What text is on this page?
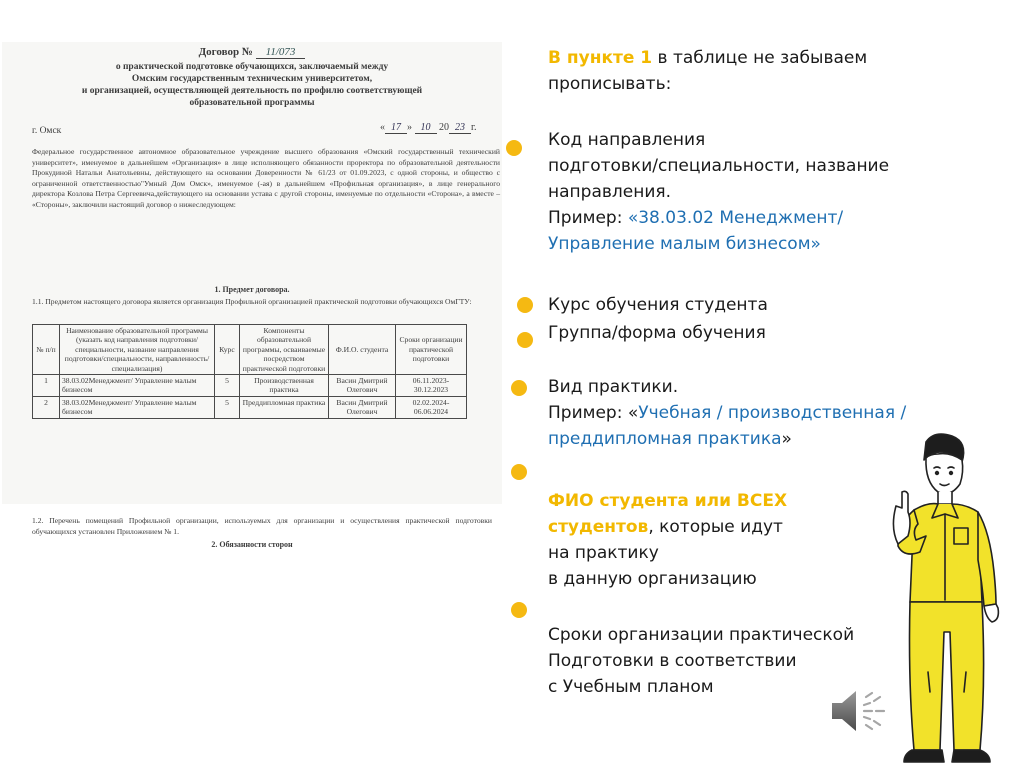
Договор № 11/073
о практической подготовке обучающихся, заключаемый между
Омским государственным техническим университетом,
и организацией, осуществляющей деятельность по профилю соответствующей
образовательной программы
г. Омск	« 17 » 10 20 23 г.
Федеральное государственное автономное образовательное учреждение высшего образования «Омский государственный технический университет», именуемое в дальнейшем «Организация» в лице исполняющего обязанности проректора по образовательной деятельности Прокудиной Натальи Анатольевны, действующего на основании Доверенности № 61/23 от 01.09.2023, с одной стороны, и общество с ограниченной ответственностью"Умный Дом Омск», именуемое (-ая) в дальнейшем «Профильная организация», в лице генерального директора Козлова Петра Сергеевича,действующего на основании устава с другой стороны, именуемые по отдельности «Сторона», а вместе – «Стороны», заключили настоящий договор о нижеследующем:
1. Предмет договора.
1.1. Предметом настоящего договора является организация Профильной организацией практической подготовки обучающихся ОмГТУ:
№ п/п	Наименование образовательной программы (указать код направления подготовки/ специальности, название направления подготовки/специальности, направленность/специализация)	Курс	Компоненты образовательной программы, осваиваемые посредством практической подготовки	Ф.И.О. студента	Сроки организации практической подготовки
1	38.03.02Менеджмент/ Управление малым бизнесом	5	Производственная практика	Васин Дмитрий Олегович	06.11.2023-30.12.2023
2	38.03.02Менеджмент/ Управление малым бизнесом	5	Преддипломная практика	Васин Дмитрий Олегович	02.02.2024-06.06.2024
1.2. Перечень помещений Профильной организации, используемых для организации и осуществления практической подготовки обучающихся установлен Приложением № 1.
2. Обязанности сторон
В пункте 1 в таблице не забываем
прописывать:
Код направления
подготовки/специальности, название
направления.
Пример: «38.03.02 Менеджмент/
Управление малым бизнесом»
Курс обучения студента
Группа/форма обучения
Вид практики.
Пример: «Учебная / производственная /
преддипломная практика»
ФИО студента или ВСЕХ
студентов, которые идут
на практику
в данную организацию
Сроки организации практической
Подготовки в соответствии
с Учебным планом
